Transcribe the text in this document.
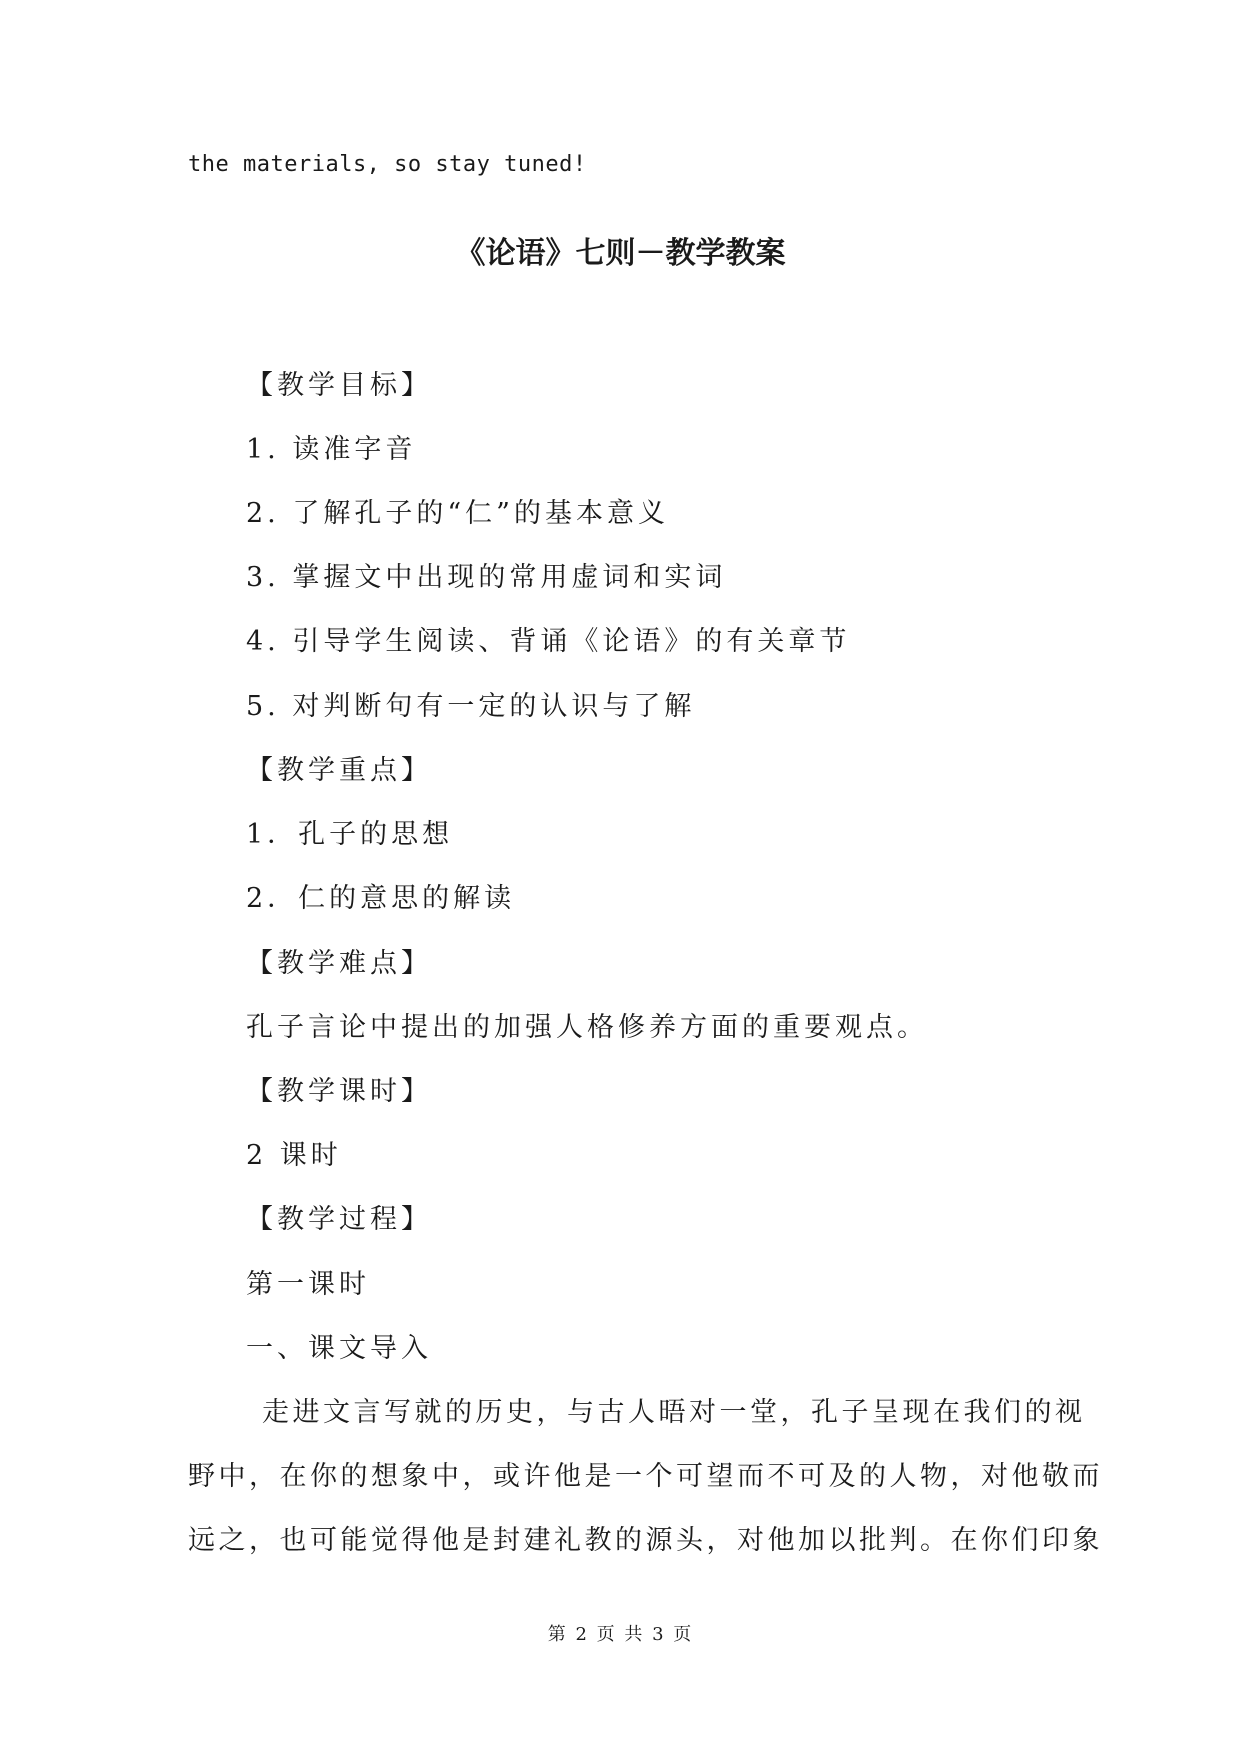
the materials, so stay tuned!
《论语》七则－教学教案
【教学目标】
1. 读准字音
2. 了解孔子的“仁”的基本意义
3. 掌握文中出现的常用虚词和实词
4. 引导学生阅读、背诵《论语》的有关章节
5. 对判断句有一定的认识与了解
【教学重点】
1．孔子的思想
2．仁的意思的解读
【教学难点】
孔子言论中提出的加强人格修养方面的重要观点。
【教学课时】
2 课时
【教学过程】
第一课时
一、课文导入
走进文言写就的历史，与古人晤对一堂，孔子呈现在我们的视
野中，在你的想象中，或许他是一个可望而不可及的人物，对他敬而
远之，也可能觉得他是封建礼教的源头，对他加以批判。在你们印象
第 2 页 共 3 页
